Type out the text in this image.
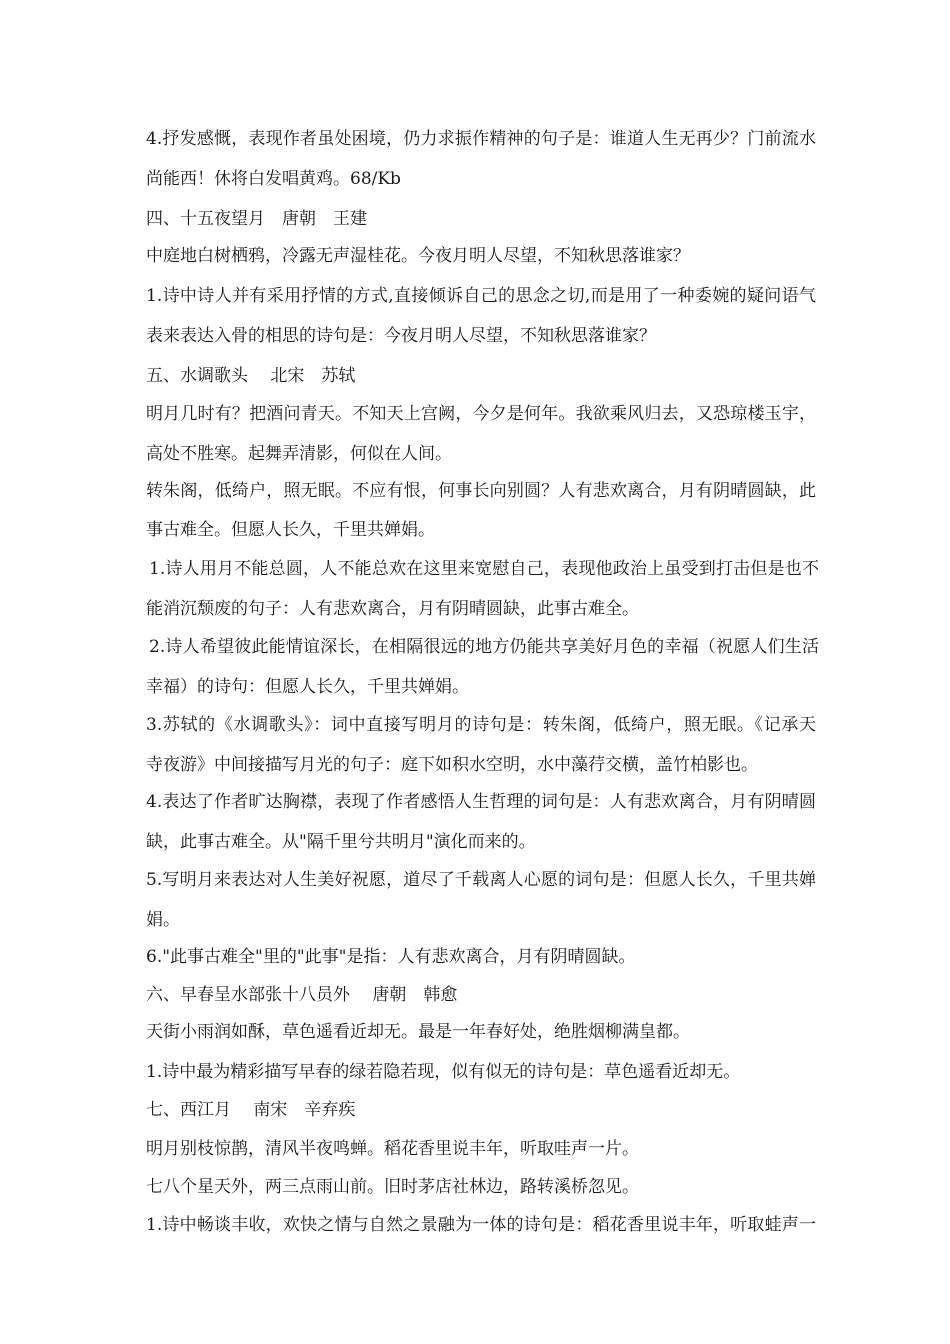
4.抒发感慨，表现作者虽处困境，仍力求振作精神的句子是：谁道人生无再少？门前流水
尚能西！休将白发唱黄鸡。68/Kb
四、十五夜望月　唐朝　王建
中庭地白树栖鸦，冷露无声湿桂花。今夜月明人尽望，不知秋思落谁家？
1.诗中诗人并有采用抒情的方式,直接倾诉自己的思念之切,而是用了一种委婉的疑问语气
表来表达入骨的相思的诗句是：今夜月明人尽望，不知秋思落谁家？
五、水调歌头　 北宋　苏轼
明月几时有？把酒问青天。不知天上宫阙，今夕是何年。我欲乘风归去，又恐琼楼玉宇，
高处不胜寒。起舞弄清影，何似在人间。
转朱阁，低绮户，照无眠。不应有恨，何事长向别圆？人有悲欢离合，月有阴晴圆缺，此
事古难全。但愿人长久，千里共婵娟。
1.诗人用月不能总圆，人不能总欢在这里来宽慰自己，表现他政治上虽受到打击但是也不
能消沉颓废的句子：人有悲欢离合，月有阴晴圆缺，此事古难全。
2.诗人希望彼此能情谊深长，在相隔很远的地方仍能共享美好月色的幸福（祝愿人们生活
幸福）的诗句：但愿人长久，千里共婵娟。
3.苏轼的《水调歌头》：词中直接写明月的诗句是：转朱阁，低绮户，照无眠。《记承天
寺夜游》中间接描写月光的句子：庭下如积水空明，水中藻荇交横，盖竹柏影也。
4.表达了作者旷达胸襟，表现了作者感悟人生哲理的词句是：人有悲欢离合，月有阴晴圆
缺，此事古难全。从"隔千里兮共明月"演化而来的。
5.写明月来表达对人生美好祝愿，道尽了千载离人心愿的词句是：但愿人长久，千里共婵
娟。
6."此事古难全"里的"此事"是指：人有悲欢离合，月有阴晴圆缺。
六、早春呈水部张十八员外　 唐朝　韩愈
天街小雨润如酥，草色遥看近却无。最是一年春好处，绝胜烟柳满皇都。
1.诗中最为精彩描写早春的绿若隐若现，似有似无的诗句是：草色遥看近却无。
七、西江月　 南宋　辛弃疾
明月别枝惊鹊，清风半夜鸣蝉。稻花香里说丰年，听取哇声一片。
七八个星天外，两三点雨山前。旧时茅店社林边，路转溪桥忽见。
1.诗中畅谈丰收，欢快之情与自然之景融为一体的诗句是：稻花香里说丰年，听取蛙声一
